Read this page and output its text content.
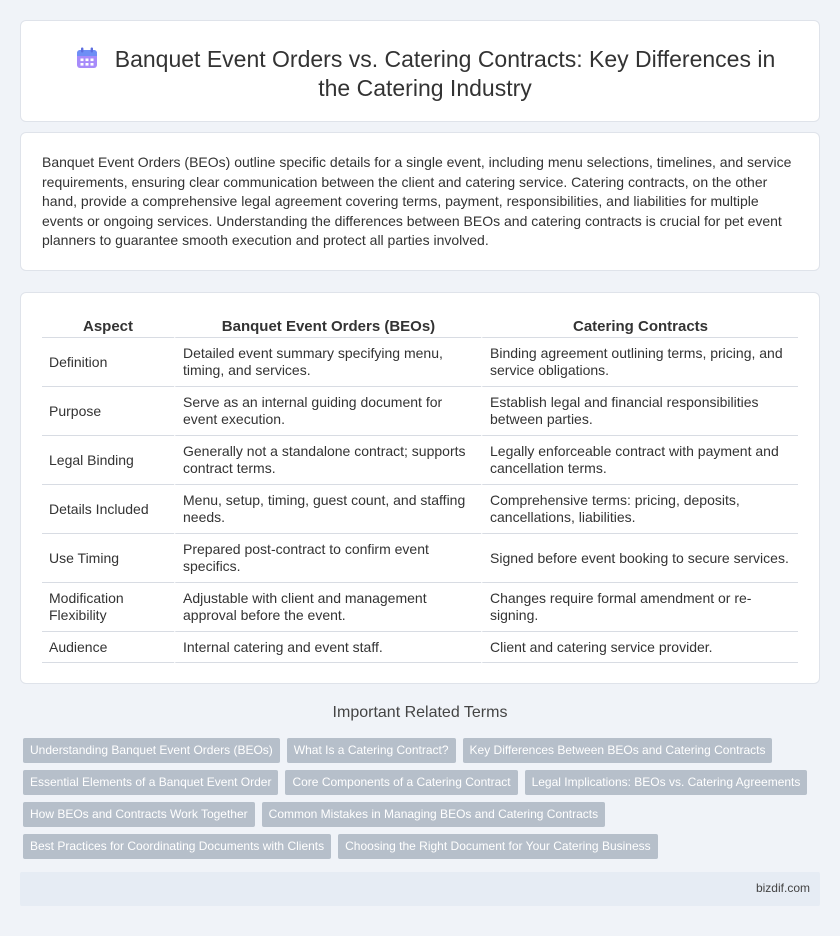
Banquet Event Orders vs. Catering Contracts: Key Differences in the Catering Industry

Banquet Event Orders (BEOs) outline specific details for a single event, including menu selections, timelines, and service requirements, ensuring clear communication between the client and catering service. Catering contracts, on the other hand, provide a comprehensive legal agreement covering terms, payment, responsibilities, and liabilities for multiple events or ongoing services. Understanding the differences between BEOs and catering contracts is crucial for pet event planners to guarantee smooth execution and protect all parties involved.

Aspect	Banquet Event Orders (BEOs)	Catering Contracts
Definition	Detailed event summary specifying menu, timing, and services.	Binding agreement outlining terms, pricing, and service obligations.
Purpose	Serve as an internal guiding document for event execution.	Establish legal and financial responsibilities between parties.
Legal Binding	Generally not a standalone contract; supports contract terms.	Legally enforceable contract with payment and cancellation terms.
Details Included	Menu, setup, timing, guest count, and staffing needs.	Comprehensive terms: pricing, deposits, cancellations, liabilities.
Use Timing	Prepared post-contract to confirm event specifics.	Signed before event booking to secure services.
Modification Flexibility	Adjustable with client and management approval before the event.	Changes require formal amendment or re-signing.
Audience	Internal catering and event staff.	Client and catering service provider.
Important Related Terms
Understanding Banquet Event Orders (BEOs) What Is a Catering Contract? Key Differences Between BEOs and Catering Contracts
Essential Elements of a Banquet Event Order Core Components of a Catering Contract Legal Implications: BEOs vs. Catering Agreements
How BEOs and Contracts Work Together Common Mistakes in Managing BEOs and Catering Contracts
Best Practices for Coordinating Documents with Clients Choosing the Right Document for Your Catering Business
bizdif.com
